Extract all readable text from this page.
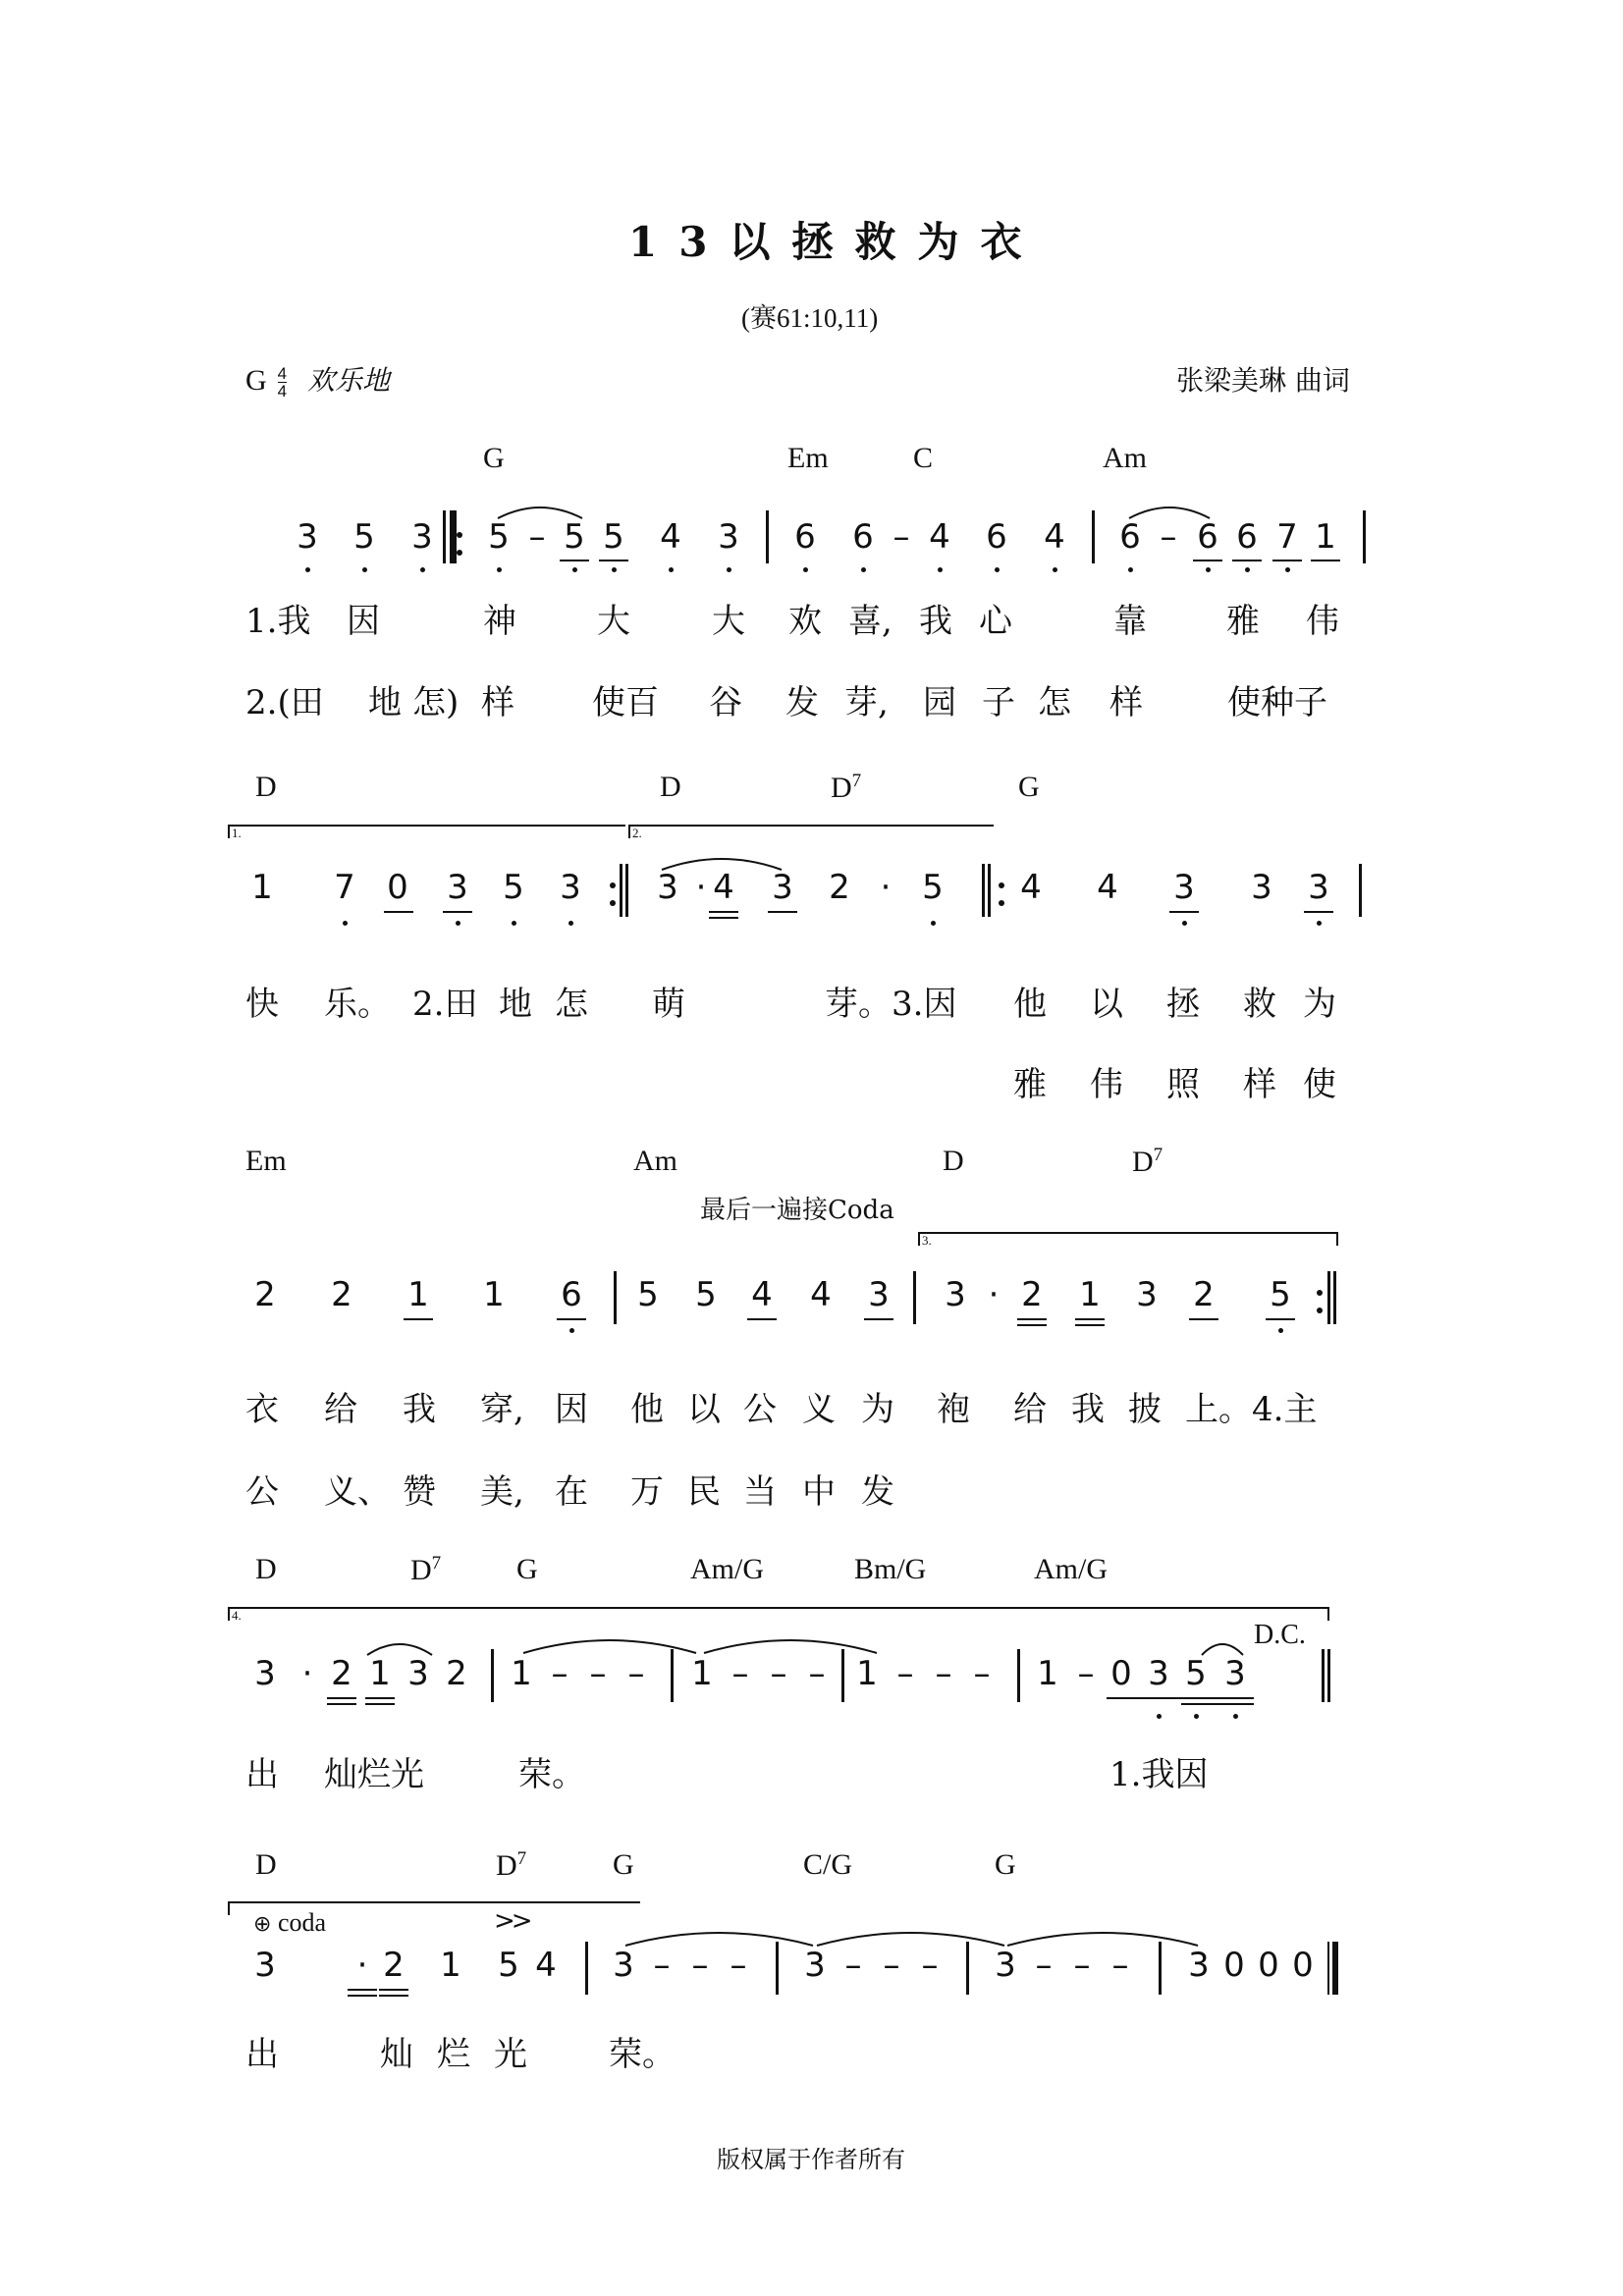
13以拯救为衣
(赛61:10,11)
G $\frac{4}{4}$ 欢乐地	张梁美琳 曲词
G	Em	C	Am
3 5 3 5 – 5 5 4 3 6 6 – 4 6 4 6 – 6 6 7 1
1.我 因	神 大 大 欢 喜, 我 心	靠 雅 伟
2.(田 地 怎) 样 使百 谷 发 芽, 园 子 怎 样	使种子
D	D	$D^7$	G
1.	2.
1 7 0 3 5 3 3 · 4 3 2 · 5 4 4 3 3 3
快 乐。 2.田 地 怎 萌	芽。3.因 他 以 拯 救 为
雅 伟 照 样 使
Em	Am	D	$D^7$
最后一遍接Coda
3.
2 2 1 1 6 5 5 4 4 3 3 · 2 1 3 2 5
衣 给 我 穿, 因 他 以 公 义 为 袍 给 我 披 上。4.主
公 义、 赞 美, 在 万 民 当 中 发
D	$D^7$	G	Am/G	Bm/G	Am/G
4.
D.C.
3 · 2 1 3 2 1 – – – 1 – – – 1 – – – 1 – 0 3 5 3
出 灿烂光	荣。	1.我因
D	$D^7$	G	C/G	G
⊕ coda	>>
3 · 2 1 5 4 3 – – – 3 – – – 3 – – – 3 0 0 0
出	灿 烂 光 荣。
版权属于作者所有
